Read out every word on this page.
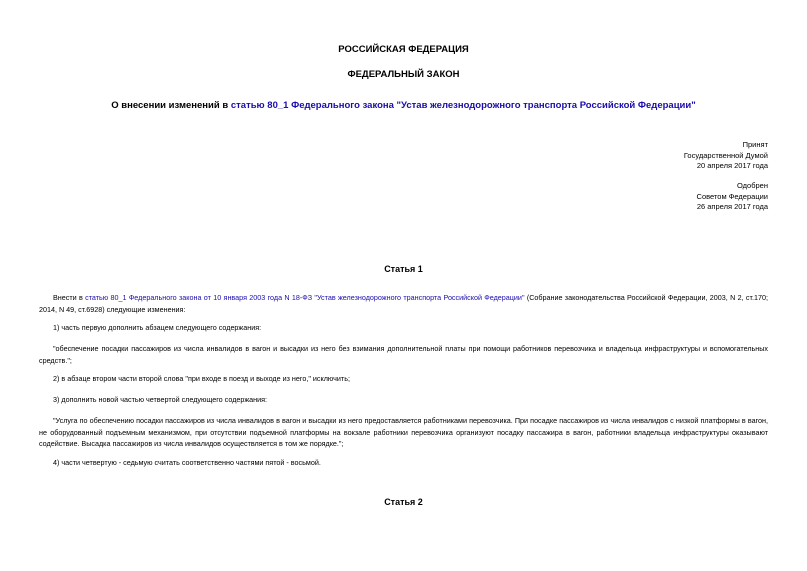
РОССИЙСКАЯ ФЕДЕРАЦИЯ
ФЕДЕРАЛЬНЫЙ ЗАКОН
О внесении изменений в статью 80_1 Федерального закона "Устав железнодорожного транспорта Российской Федерации"
Принят
Государственной Думой
20 апреля 2017 года
Одобрен
Советом Федерации
26 апреля 2017 года
Статья 1
Внести в статью 80_1 Федерального закона от 10 января 2003 года N 18-ФЗ "Устав железнодорожного транспорта Российской Федерации" (Собрание законодательства Российской Федерации, 2003, N 2, ст.170; 2014, N 49, ст.6928) следующие изменения:
1) часть первую дополнить абзацем следующего содержания:
"обеспечение посадки пассажиров из числа инвалидов в вагон и высадки из него без взимания дополнительной платы при помощи работников перевозчика и владельца инфраструктуры и вспомогательных средств.";
2) в абзаце втором части второй слова "при входе в поезд и выходе из него," исключить;
3) дополнить новой частью четвертой следующего содержания:
"Услуга по обеспечению посадки пассажиров из числа инвалидов в вагон и высадки из него предоставляется работниками перевозчика. При посадке пассажиров из числа инвалидов с низкой платформы в вагон, не оборудованный подъемным механизмом, при отсутствии подъемной платформы на вокзале работники перевозчика организуют посадку пассажира в вагон, работники владельца инфраструктуры оказывают содействие. Высадка пассажиров из числа инвалидов осуществляется в том же порядке.";
4) части четвертую - седьмую считать соответственно частями пятой - восьмой.
Статья 2
